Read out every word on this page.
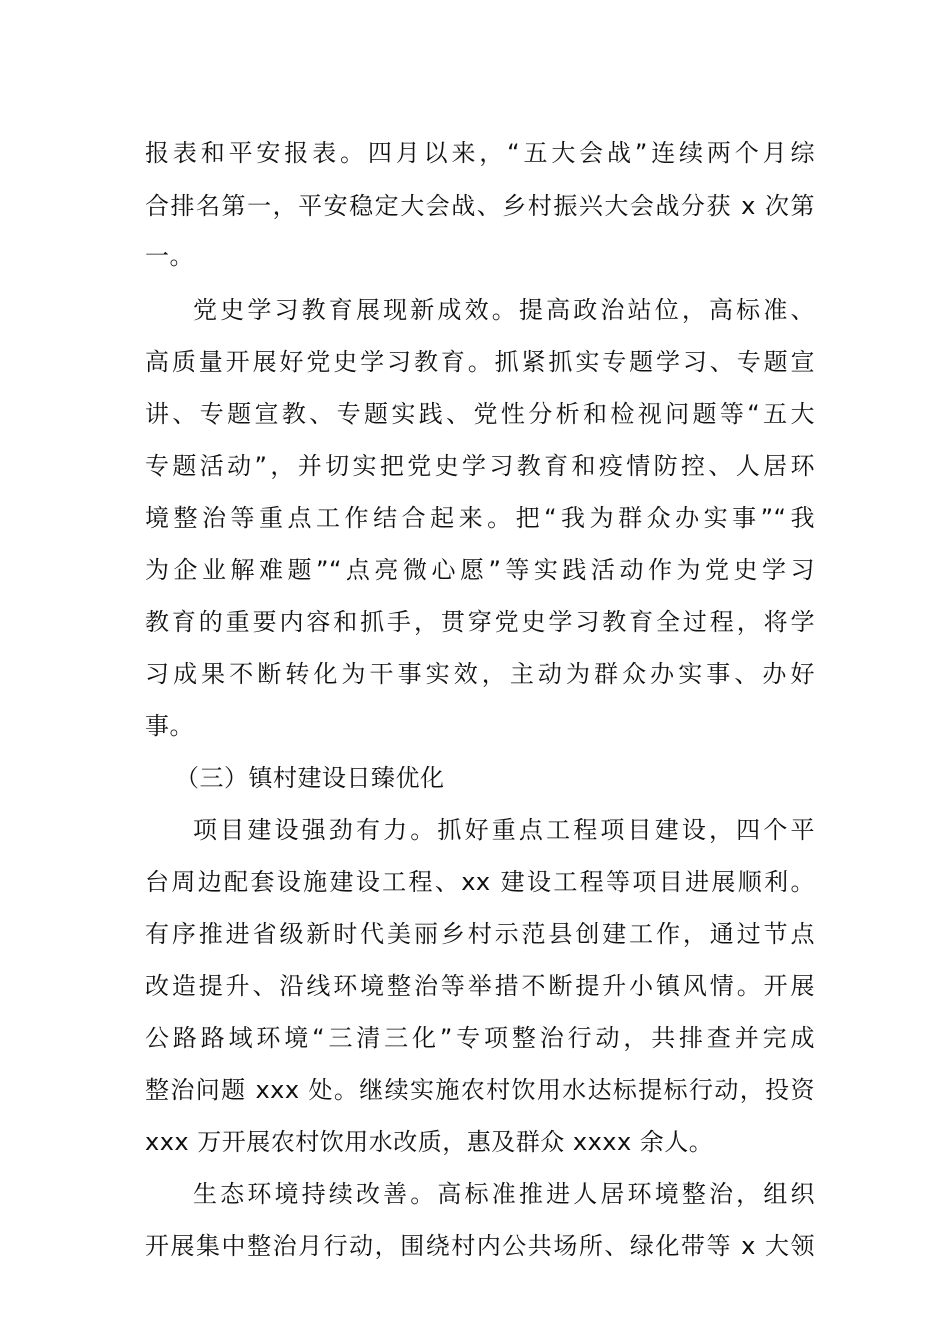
报表和平安报表。四月以来，“五大会战”连续两个月综
合排名第一，平安稳定大会战、乡村振兴大会战分获 x 次第
一。
党史学习教育展现新成效。提高政治站位，高标准、
高质量开展好党史学习教育。抓紧抓实专题学习、专题宣
讲、专题宣教、专题实践、党性分析和检视问题等“五大
专题活动”，并切实把党史学习教育和疫情防控、人居环
境整治等重点工作结合起来。把“我为群众办实事”“我
为企业解难题”“点亮微心愿”等实践活动作为党史学习
教育的重要内容和抓手，贯穿党史学习教育全过程，将学
习成果不断转化为干事实效，主动为群众办实事、办好
事。
（三）镇村建设日臻优化
项目建设强劲有力。抓好重点工程项目建设，四个平
台周边配套设施建设工程、xx 建设工程等项目进展顺利。
有序推进省级新时代美丽乡村示范县创建工作，通过节点
改造提升、沿线环境整治等举措不断提升小镇风情。开展
公路路域环境“三清三化”专项整治行动，共排查并完成
整治问题 xxx 处。继续实施农村饮用水达标提标行动，投资
xxx 万开展农村饮用水改质，惠及群众 xxxx 余人。
生态环境持续改善。高标准推进人居环境整治，组织
开展集中整治月行动，围绕村内公共场所、绿化带等 x 大领
